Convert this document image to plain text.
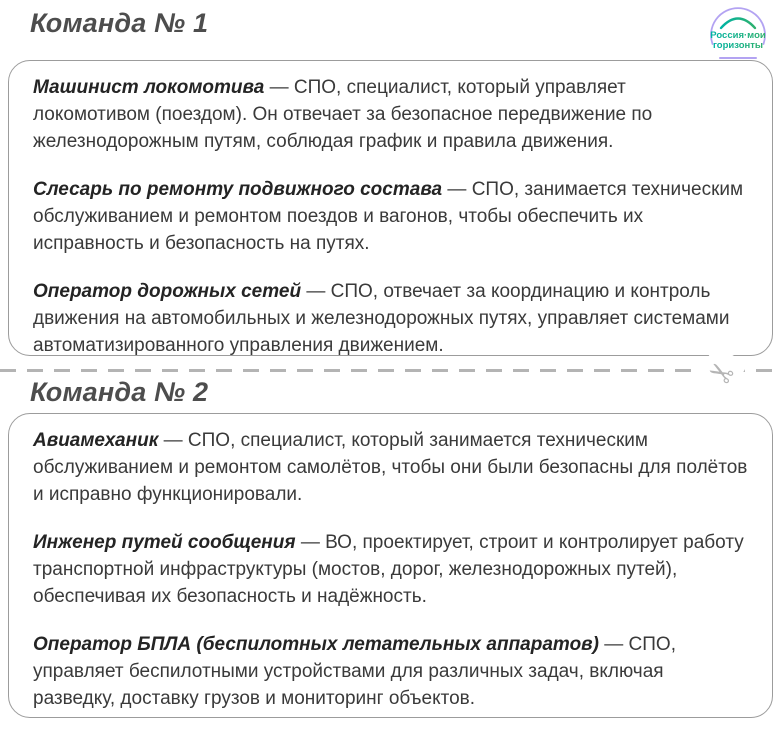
Команда № 1	Россия·мои
горизонты

Машинист локомотива — СПО, специалист, который управляет локомотивом (поездом). Он отвечает за безопасное передвижение по железнодорожным путям, соблюдая график и правила движения.

Слесарь по ремонту подвижного состава — СПО, занимается техническим обслуживанием и ремонтом поездов и вагонов, чтобы обеспечить их исправность и безопасность на путях.

Оператор дорожных сетей — СПО, отвечает за координацию и контроль движения на автомобильных и железнодорожных путях, управляет системами автоматизированного управления движением.

✂
Команда № 2

Авиамеханик — СПО, специалист, который занимается техническим обслуживанием и ремонтом самолётов, чтобы они были безопасны для полётов и исправно функционировали.

Инженер путей сообщения — ВО, проектирует, строит и контролирует работу транспортной инфраструктуры (мостов, дорог, железнодорожных путей), обеспечивая их безопасность и надёжность.

Оператор БПЛА (беспилотных летательных аппаратов) — СПО, управляет беспилотными устройствами для различных задач, включая разведку, доставку грузов и мониторинг объектов.
